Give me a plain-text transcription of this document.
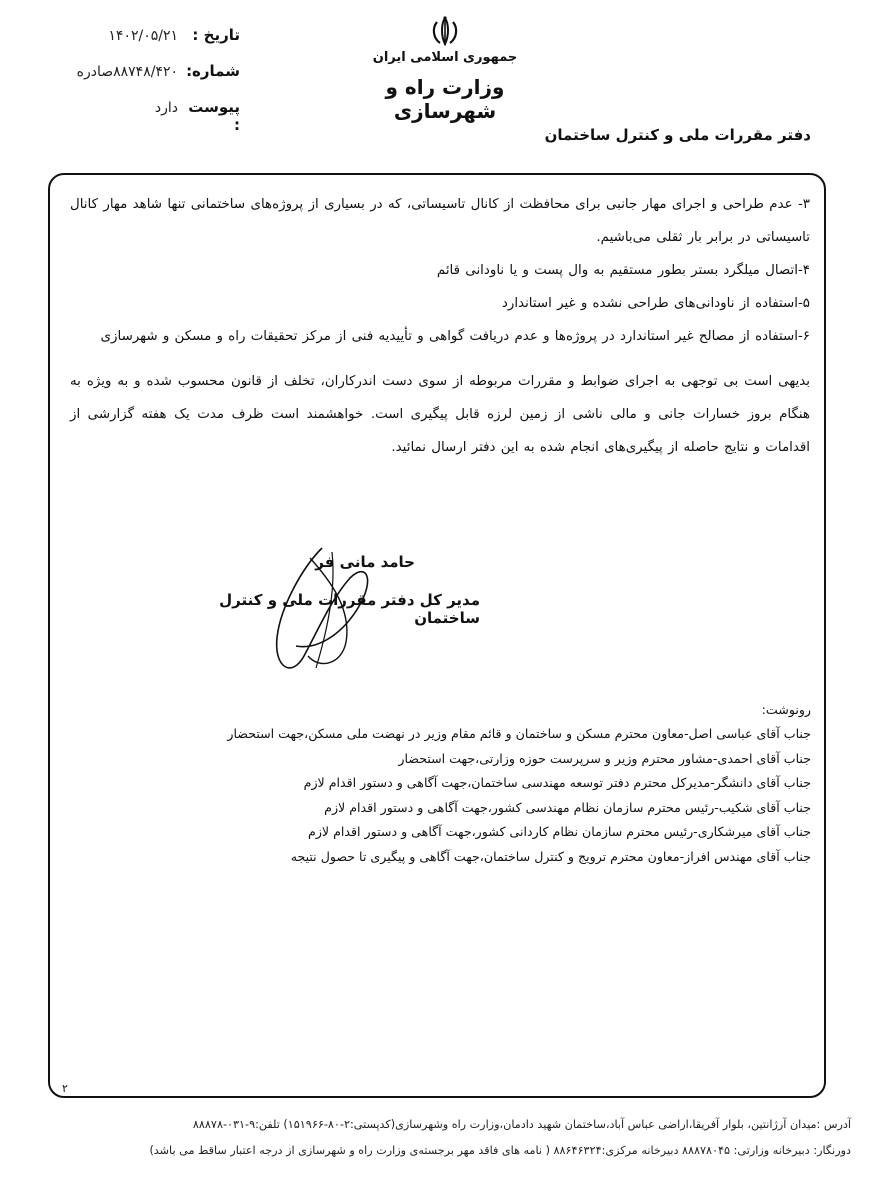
تاریخ :
۱۴۰۲/۰۵/۲۱
شماره:
۸۸۷۴۸/۴۲۰صادره
پیوست :
دارد
جمهوری اسلامی ایران
وزارت راه و شهرسازی
دفتر مقررات ملی و کنترل ساختمان

۳- عدم طراحی و اجرای مهار جانبی برای محافظت از کانال تاسیساتی، که در بسیاری از پروژه‌های ساختمانی تنها شاهد مهار کانال تاسیساتی در برابر بار ثقلی می‌باشیم.

۴-اتصال میلگرد بستر بطور مستقیم به وال پست و یا ناودانی قائم

۵-استفاده از ناودانی‌های طراحی نشده و غیر استاندارد

۶-استفاده از مصالح غیر استاندارد در پروژه‌ها و عدم دریافت گواهی و تأییدیه فنی از مرکز تحقیقات راه و مسکن و شهرسازی

بدیهی است بی توجهی به اجرای ضوابط و مقررات مربوطه از سوی دست اندرکاران، تخلف از قانون محسوب شده و به ویژه به هنگام بروز خسارات جانی و مالی ناشی از زمین لرزه قابل پیگیری است. خواهشمند است ظرف مدت یک هفته گزارشی از اقدامات و نتایج حاصله از پیگیری‌های انجام شده به این دفتر ارسال نمائید.

حامد مانی فر
مدیر کل دفتر مقررات ملی و کنترل ساختمان
رونوشت:
جناب آقای عباسی اصل-معاون محترم مسکن و ساختمان و قائم مقام وزیر در نهضت ملی مسکن،جهت استحضار
جناب آقای احمدی-مشاور محترم وزیر و سرپرست حوزه وزارتی،جهت استحضار
جناب آقای دانشگر-مدیرکل محترم دفتر توسعه مهندسی ساختمان،جهت آگاهی و دستور اقدام لازم
جناب آقای شکیب-رئیس محترم سازمان نظام مهندسی کشور،جهت آگاهی و دستور اقدام لازم
جناب آقای میرشکاری-رئیس محترم سازمان نظام کاردانی کشور،جهت آگاهی و دستور اقدام لازم
جناب آقای مهندس افراز-معاون محترم ترویج و کنترل ساختمان،جهت آگاهی و پیگیری تا حصول نتیجه
۲
آدرس :میدان آرژانتین، بلوار آفریقا،اراضی عباس آباد،ساختمان شهید دادمان،وزارت راه وشهرسازی(کدپستی:۲-۸۰-۱۵۱۹۶۶) تلفن:۹-۰۳۱-۸۸۸۷۸
دورنگار: دبیرخانه وزارتی: ۸۸۸۷۸۰۴۵ دبیرخانه مرکزی:۸۸۶۴۶۳۲۴ ( نامه های فاقد مهر برجسته‌ی وزارت راه و شهرسازی از درجه اعتبار ساقط می باشد)
